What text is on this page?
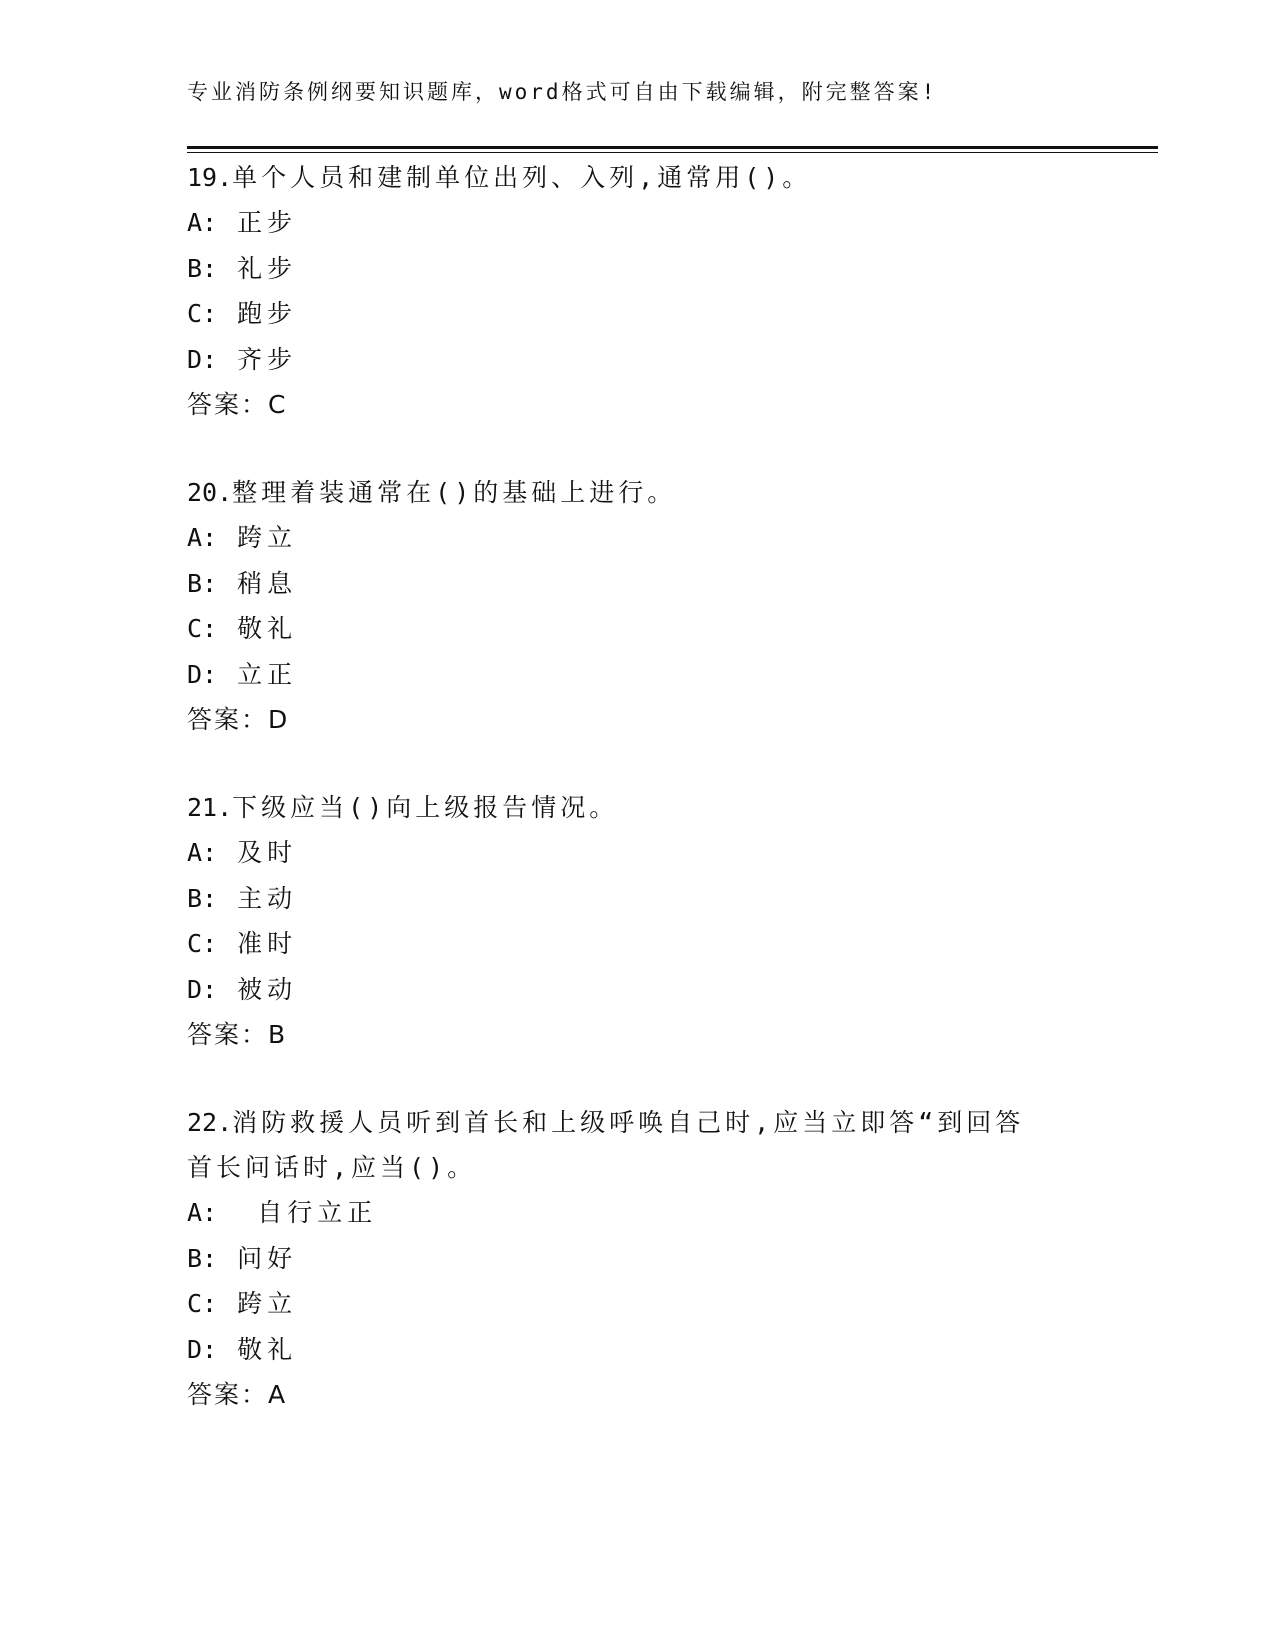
专业消防条例纲要知识题库，word格式可自由下载编辑，附完整答案!

19.单个人员和建制单位出列、入列,通常用()。

A: 正步
B: 礼步
C: 跑步
D: 齐步
答案：C

20.整理着装通常在()的基础上进行。

A: 跨立
B: 稍息
C: 敬礼
D: 立正
答案：D

21.下级应当()向上级报告情况。

A: 及时
B: 主动
C: 准时
D: 被动
答案：B

22.消防救援人员听到首长和上级呼唤自己时,应当立即答“到回答首长问话时,应当()。

A:  自行立正
B: 问好
C: 跨立
D: 敬礼
答案：A
